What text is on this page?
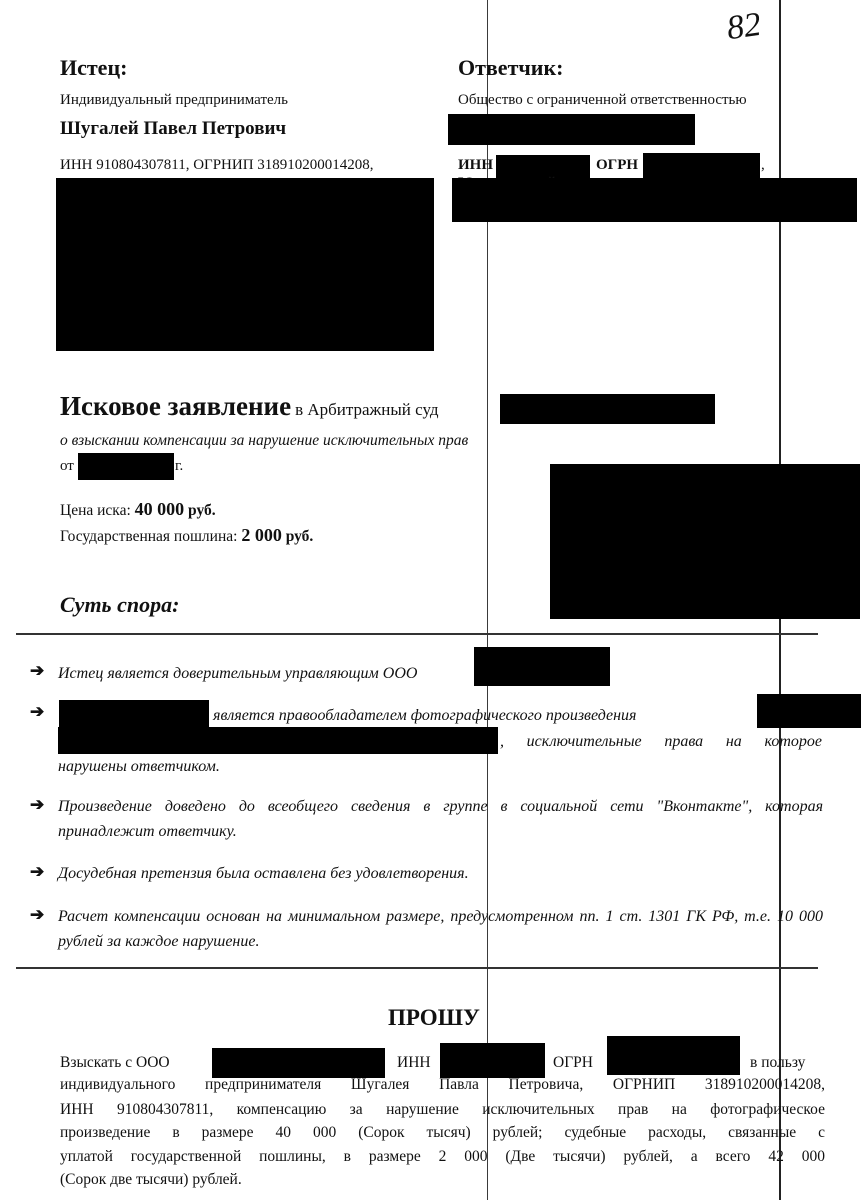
82
Истец:
Индивидуальный предприниматель
Шугалей Павел Петрович
ИНН 910804307811, ОГРНИП 318910200014208,
Ответчик:
Общество с ограниченной ответственностью
ИНН	ОГРН	,
Исковое заявление в Арбитражный суд
о взыскании компенсации за нарушение исключительных прав
от	г.
Цена иска: 40 000 руб.
Государственная пошлина: 2 000 руб.
Суть спора:
➔ Истец является доверительным управляющим ООО
➔	является правообладателем фотографического произведения
, исключительные права на которое
нарушены ответчиком.
➔ Произведение доведено до всеобщего сведения в группе в социальной сети "Вконтакте", которая принадлежит ответчику.
➔ Досудебная претензия была оставлена без удовлетворения.
➔ Расчет компенсации основан на минимальном размере, предусмотренном пп. 1 ст. 1301 ГК РФ, т.е. 10 000 рублей за каждое нарушение.
ПРОШУ
Взыскать с ООО	ИНН	ОГРН	в пользу
индивидуального предпринимателя Шугалея Павла Петровича, ОГРНИП 318910200014208,
ИНН 910804307811, компенсацию за нарушение исключительных прав на фотографическое
произведение в размере 40 000 (Сорок тысяч) рублей; судебные расходы, связанные с
уплатой государственной пошлины, в размере 2 000 (Две тысячи) рублей, а всего 42 000
(Сорок две тысячи) рублей.
